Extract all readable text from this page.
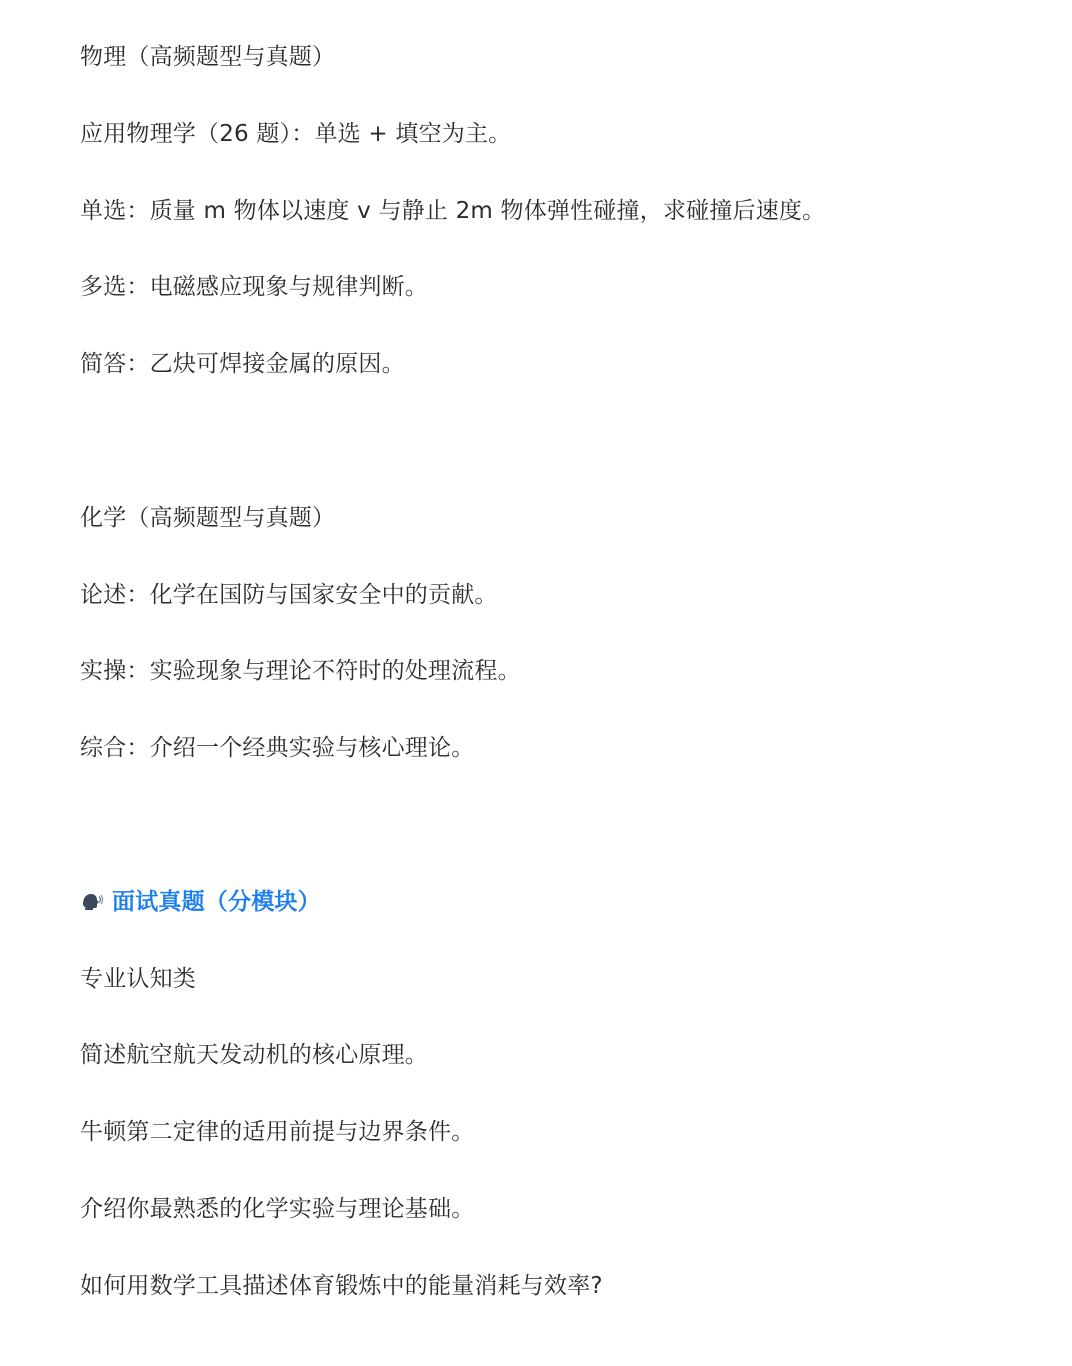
物理（高频题型与真题）
应用物理学（26 题）：单选 + 填空为主。
单选：质量 m 物体以速度 v 与静止 2m 物体弹性碰撞，求碰撞后速度。
多选：电磁感应现象与规律判断。
简答：乙炔可焊接金属的原因。
化学（高频题型与真题）
论述：化学在国防与国家安全中的贡献。
实操：实验现象与理论不符时的处理流程。
综合：介绍一个经典实验与核心理论。
面试真题（分模块）
专业认知类
简述航空航天发动机的核心原理。
牛顿第二定律的适用前提与边界条件。
介绍你最熟悉的化学实验与理论基础。
如何用数学工具描述体育锻炼中的能量消耗与效率?
